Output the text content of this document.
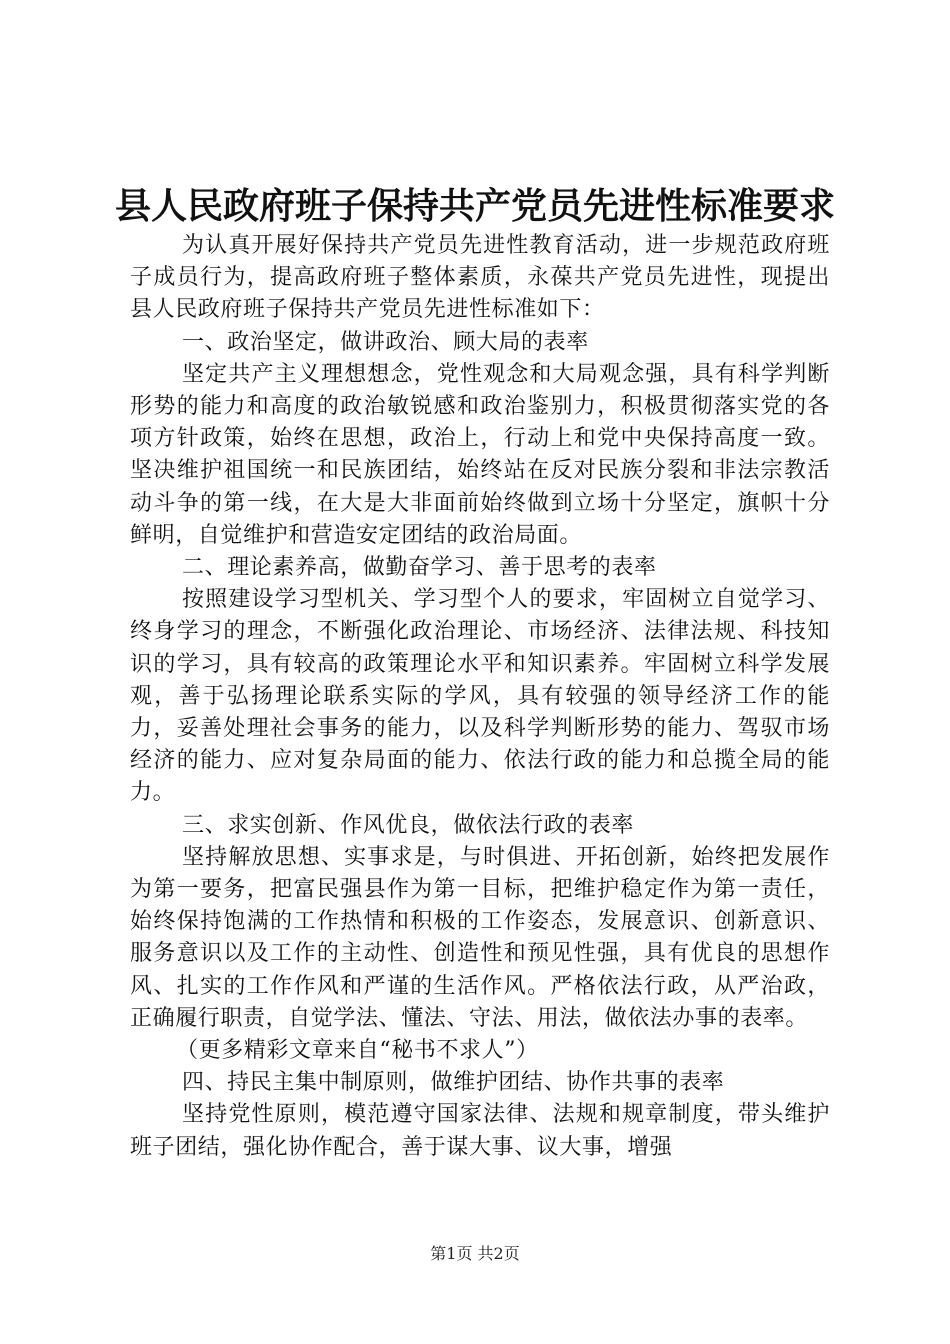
县人民政府班子保持共产党员先进性标准要求

为认真开展好保持共产党员先进性教育活动，进一步规范政府班子成员行为，提高政府班子整体素质，永葆共产党员先进性，现提出县人民政府班子保持共产党员先进性标准如下：

一、政治坚定，做讲政治、顾大局的表率

坚定共产主义理想想念，党性观念和大局观念强，具有科学判断形势的能力和高度的政治敏锐感和政治鉴别力，积极贯彻落实党的各项方针政策，始终在思想，政治上，行动上和党中央保持高度一致。坚决维护祖国统一和民族团结，始终站在反对民族分裂和非法宗教活动斗争的第一线，在大是大非面前始终做到立场十分坚定，旗帜十分鲜明，自觉维护和营造安定团结的政治局面。

二、理论素养高，做勤奋学习、善于思考的表率

按照建设学习型机关、学习型个人的要求，牢固树立自觉学习、终身学习的理念，不断强化政治理论、市场经济、法律法规、科技知识的学习，具有较高的政策理论水平和知识素养。牢固树立科学发展观，善于弘扬理论联系实际的学风，具有较强的领导经济工作的能力，妥善处理社会事务的能力，以及科学判断形势的能力、驾驭市场经济的能力、应对复杂局面的能力、依法行政的能力和总揽全局的能力。

三、求实创新、作风优良，做依法行政的表率

坚持解放思想、实事求是，与时俱进、开拓创新，始终把发展作为第一要务，把富民强县作为第一目标，把维护稳定作为第一责任，始终保持饱满的工作热情和积极的工作姿态，发展意识、创新意识、服务意识以及工作的主动性、创造性和预见性强，具有优良的思想作风、扎实的工作作风和严谨的生活作风。严格依法行政，从严治政，正确履行职责，自觉学法、懂法、守法、用法，做依法办事的表率。

（更多精彩文章来自“秘书不求人”）

四、持民主集中制原则，做维护团结、协作共事的表率

坚持党性原则，模范遵守国家法律、法规和规章制度，带头维护班子团结，强化协作配合，善于谋大事、议大事，增强

第1页 共2页
